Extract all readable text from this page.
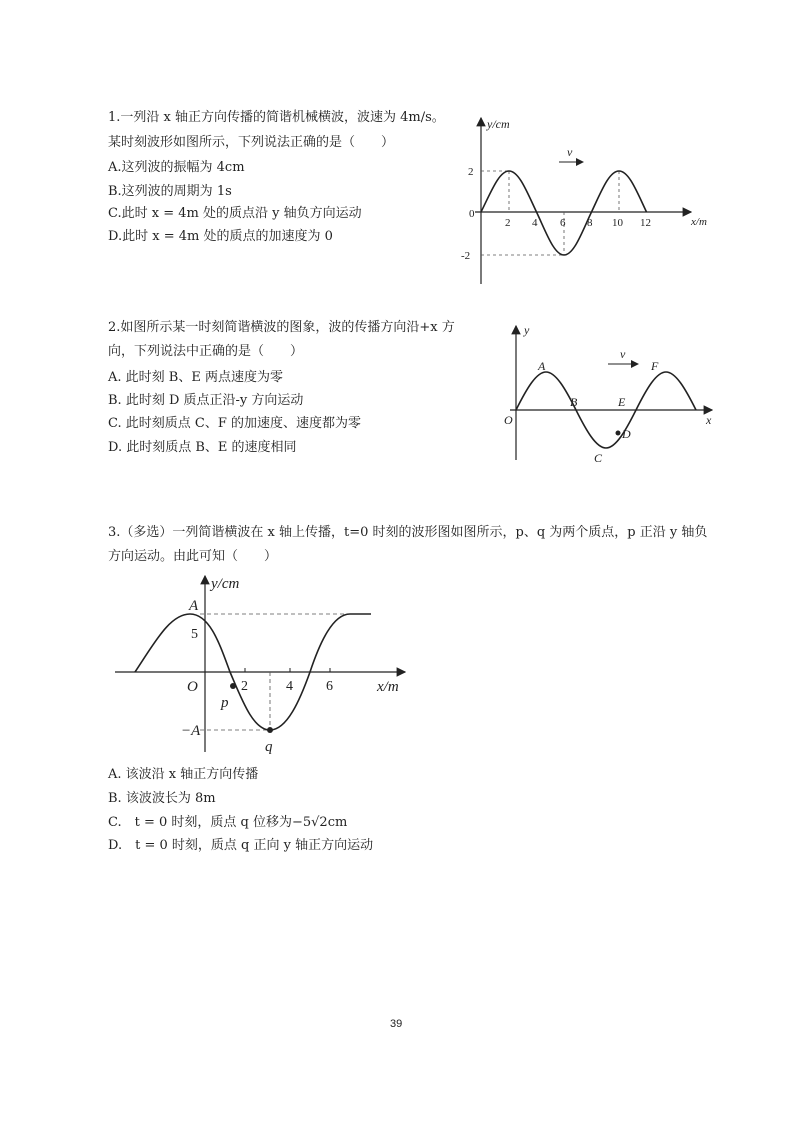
1.一列沿 x 轴正方向传播的简谐机械横波，波速为 4m/s。
某时刻波形如图所示，下列说法正确的是（　　）
A.这列波的振幅为 4cm
B.这列波的周期为 1s
C.此时 x = 4m 处的质点沿 y 轴负方向运动
D.此时 x = 4m 处的质点的加速度为 0
y/cm
x/m
2
0
-2
2 4 6 8 10 12
v
2.如图所示某一时刻简谐横波的图象，波的传播方向沿+x 方
向，下列说法中正确的是（　　）
A. 此时刻 B、E 两点速度为零
B. 此时刻 D 质点正沿-y 方向运动
C. 此时刻质点 C、F 的加速度、速度都为零
D. 此时刻质点 B、E 的速度相同
y
x
O
A
B
C
D
E
F
v
3.（多选）一列简谐横波在 x 轴上传播，t=0 时刻的波形图如图所示，p、q 为两个质点，p 正沿 y 轴负
方向运动。由此可知（　　）
y/cm
x/m
O
A
5
−A
2	4 6
p
q
A. 该波沿 x 轴正方向传播
B. 该波波长为 8m
C.　t = 0 时刻，质点 q 位移为−5√2cm
D.　t = 0 时刻，质点 q 正向 y 轴正方向运动
39
